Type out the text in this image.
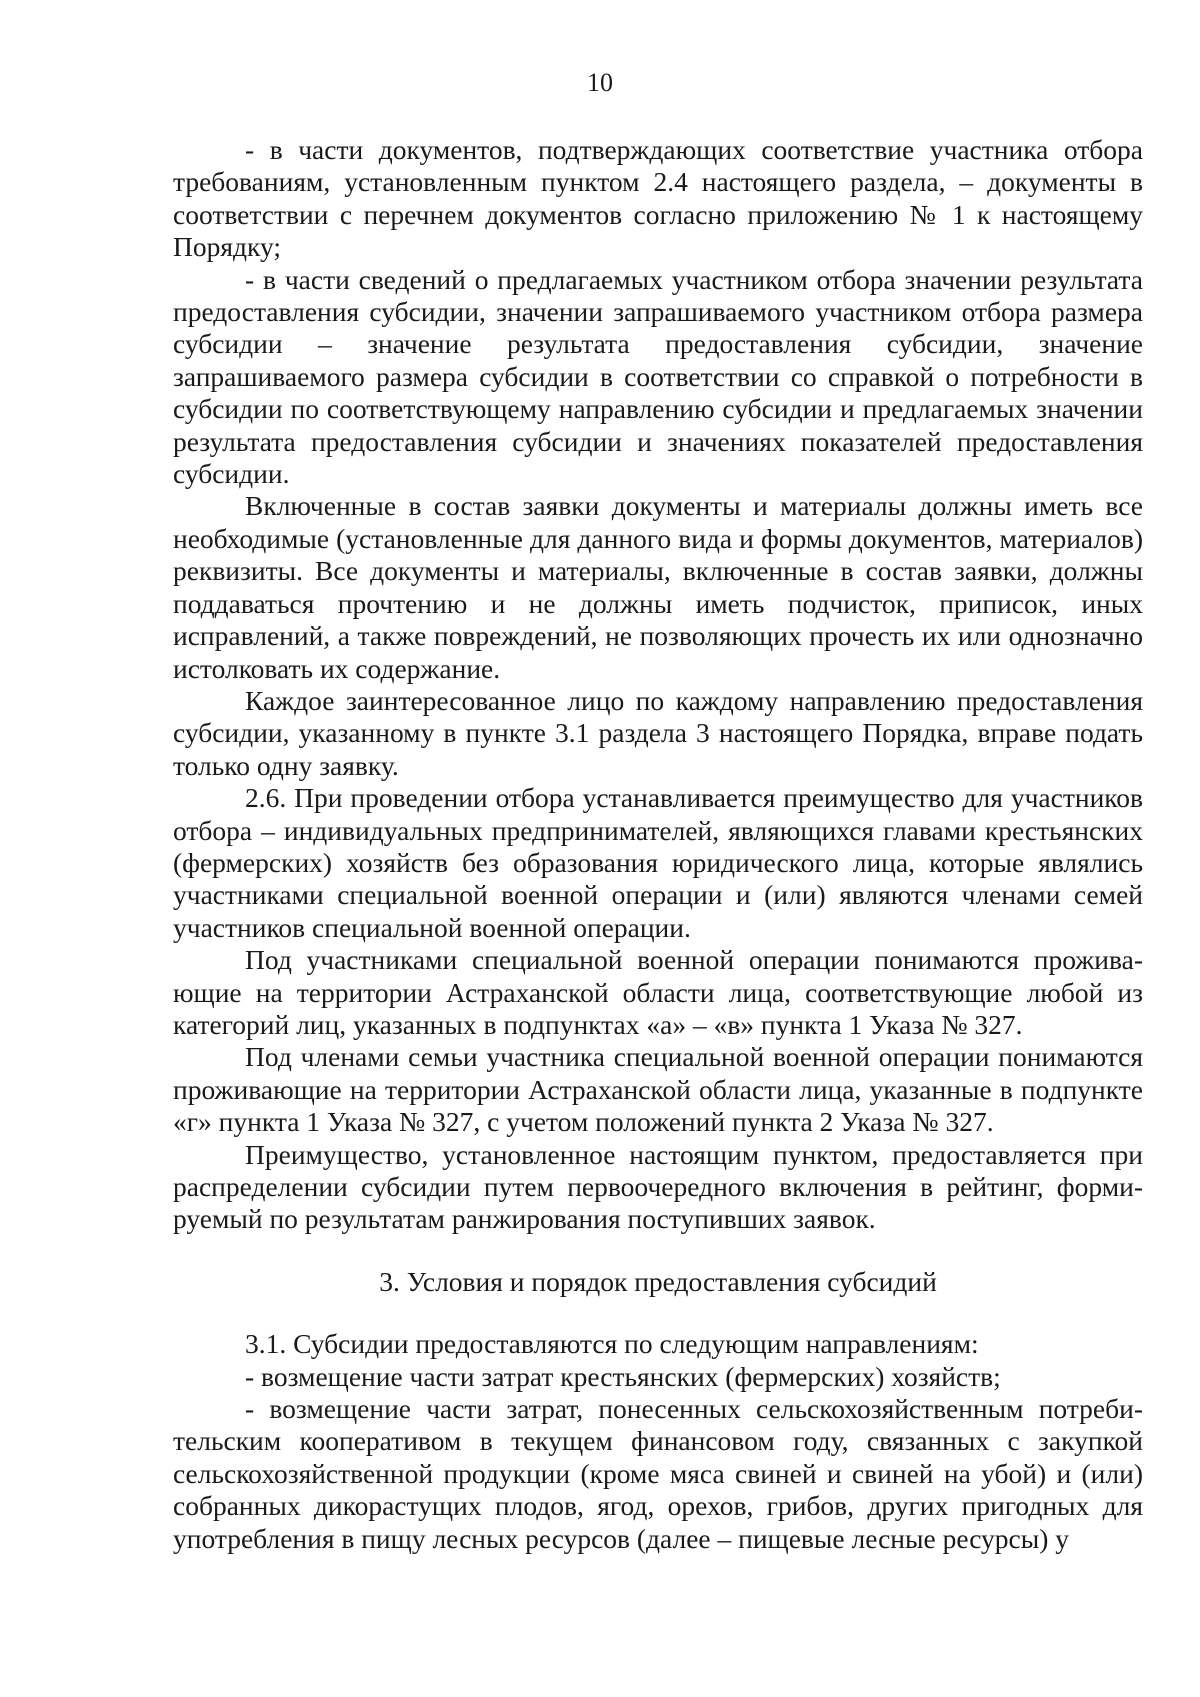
10

- в части документов, подтверждающих соответствие участника отбора требованиям, установленным пунктом 2.4 настоящего раздела, – документы в соответствии с перечнем документов согласно приложению № 1 к настоящему Порядку;

- в части сведений о предлагаемых участником отбора значении результата предоставления субсидии, значении запрашиваемого участником отбора размера субсидии – значение результата предоставления субсидии, значение запрашиваемого размера субсидии в соответствии со справкой о потребности в субсидии по соответствующему направлению субсидии и предлагаемых значении результата предоставления субсидии и значениях показателей предоставления субсидии.

Включенные в состав заявки документы и материалы должны иметь все необходимые (установленные для данного вида и формы документов, материалов) реквизиты. Все документы и материалы, включенные в состав заявки, должны поддаваться прочтению и не должны иметь подчисток, приписок, иных исправлений, а также повреждений, не позволяющих прочесть их или однозначно истолковать их содержание.

Каждое заинтересованное лицо по каждому направлению предоставления субсидии, указанному в пункте 3.1 раздела 3 настоящего Порядка, вправе подать только одну заявку.

2.6. При проведении отбора устанавливается преимущество для участников отбора – индивидуальных предпринимателей, являющихся главами крестьянских (фермерских) хозяйств без образования юридического лица, которые являлись участниками специальной военной операции и (или) являются членами семей участников специальной военной операции.

Под участниками специальной военной операции понимаются проживающие на территории Астраханской области лица, соответствующие любой из категорий лиц, указанных в подпунктах «а» – «в» пункта 1 Указа № 327.

Под членами семьи участника специальной военной операции понимаются проживающие на территории Астраханской области лица, указанные в подпункте «г» пункта 1 Указа № 327, с учетом положений пункта 2 Указа № 327.

Преимущество, установленное настоящим пунктом, предоставляется при распределении субсидии путем первоочередного включения в рейтинг, формируемый по результатам ранжирования поступивших заявок.

3. Условия и порядок предоставления субсидий

3.1. Субсидии предоставляются по следующим направлениям:

- возмещение части затрат крестьянских (фермерских) хозяйств;

- возмещение части затрат, понесенных сельскохозяйственным потребительским кооперативом в текущем финансовом году, связанных с закупкой сельскохозяйственной продукции (кроме мяса свиней и свиней на убой) и (или) собранных дикорастущих плодов, ягод, орехов, грибов, других пригодных для употребления в пищу лесных ресурсов (далее – пищевые лесные ресурсы) у
